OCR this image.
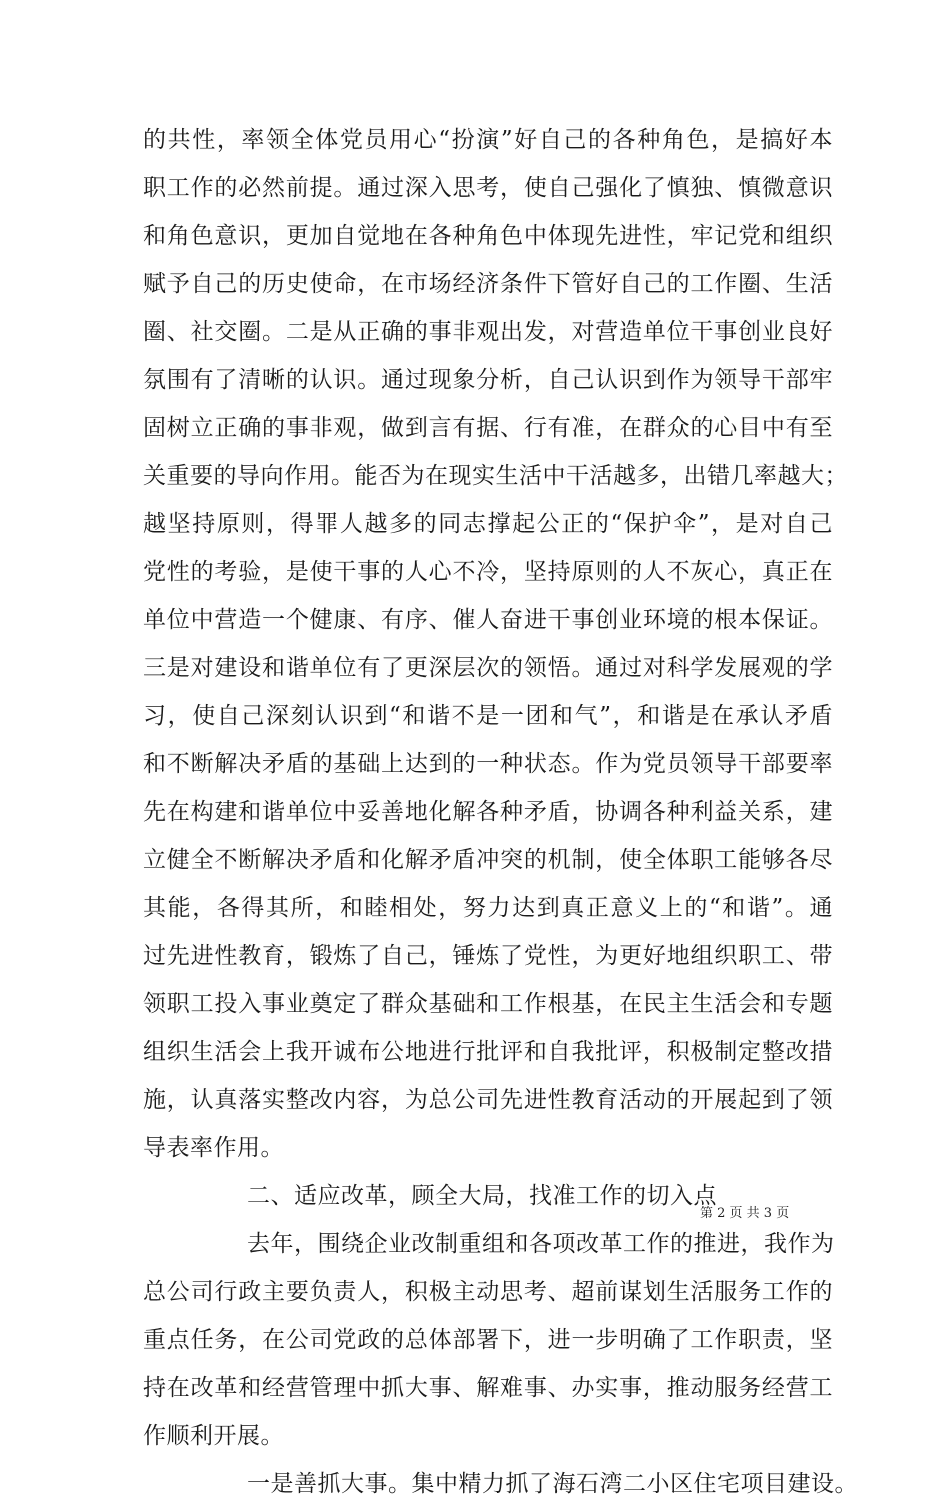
的共性，率领全体党员用心“扮演”好自己的各种角色，是搞好本
职工作的必然前提。通过深入思考，使自己强化了慎独、慎微意识
和角色意识，更加自觉地在各种角色中体现先进性，牢记党和组织
赋予自己的历史使命，在市场经济条件下管好自己的工作圈、生活
圈、社交圈。二是从正确的事非观出发，对营造单位干事创业良好
氛围有了清晰的认识。通过现象分析，自己认识到作为领导干部牢
固树立正确的事非观，做到言有据、行有准，在群众的心目中有至
关重要的导向作用。能否为在现实生活中干活越多，出错几率越大；
越坚持原则，得罪人越多的同志撑起公正的“保护伞”，是对自己
党性的考验，是使干事的人心不冷，坚持原则的人不灰心，真正在
单位中营造一个健康、有序、催人奋进干事创业环境的根本保证。
三是对建设和谐单位有了更深层次的领悟。通过对科学发展观的学
习，使自己深刻认识到“和谐不是一团和气”，和谐是在承认矛盾
和不断解决矛盾的基础上达到的一种状态。作为党员领导干部要率
先在构建和谐单位中妥善地化解各种矛盾，协调各种利益关系，建
立健全不断解决矛盾和化解矛盾冲突的机制，使全体职工能够各尽
其能，各得其所，和睦相处，努力达到真正意义上的“和谐”。通
过先进性教育，锻炼了自己，锤炼了党性，为更好地组织职工、带
领职工投入事业奠定了群众基础和工作根基，在民主生活会和专题
组织生活会上我开诚布公地进行批评和自我批评，积极制定整改措
施，认真落实整改内容，为总公司先进性教育活动的开展起到了领
导表率作用。
二、适应改革，顾全大局，找准工作的切入点
去年，围绕企业改制重组和各项改革工作的推进，我作为
总公司行政主要负责人，积极主动思考、超前谋划生活服务工作的
重点任务，在公司党政的总体部署下，进一步明确了工作职责，坚
持在改革和经营管理中抓大事、解难事、办实事，推动服务经营工
作顺利开展。
一是善抓大事。集中精力抓了海石湾二小区住宅项目建设。
第 2 页 共 3 页
